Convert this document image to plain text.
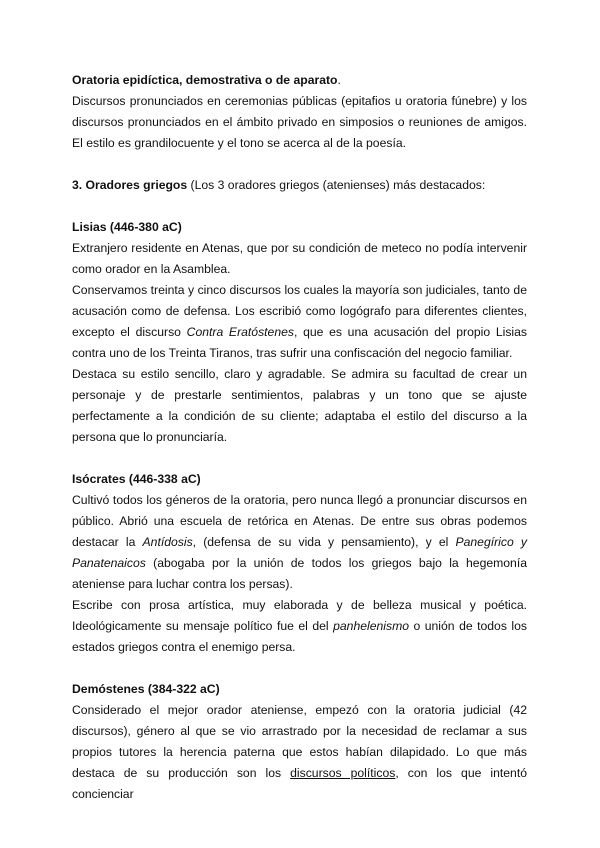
Oratoria epidíctica, demostrativa o de aparato.

Discursos pronunciados en ceremonias públicas (epitafios u oratoria fúnebre) y los discursos pronunciados en el ámbito privado en simposios o reuniones de amigos. El estilo es grandilocuente y el tono se acerca al de la poesía.

3. Oradores griegos (Los 3 oradores griegos (atenienses) más destacados:

Lisias (446-380 aC)

Extranjero residente en Atenas, que por su condición de meteco no podía intervenir como orador en la Asamblea.

Conservamos treinta y cinco discursos los cuales la mayoría son judiciales, tanto de acusación como de defensa. Los escribió como logógrafo para diferentes clientes, excepto el discurso Contra Eratóstenes, que es una acusación del propio Lisias contra uno de los Treinta Tiranos, tras sufrir una confiscación del negocio familiar.

Destaca su estilo sencillo, claro y agradable. Se admira su facultad de crear un personaje y de prestarle sentimientos, palabras y un tono que se ajuste perfectamente a la condición de su cliente; adaptaba el estilo del discurso a la persona que lo pronunciaría.

Isócrates (446-338 aC)

Cultivó todos los géneros de la oratoria, pero nunca llegó a pronunciar discursos en público. Abrió una escuela de retórica en Atenas. De entre sus obras podemos destacar la Antídosis, (defensa de su vida y pensamiento), y el Panegírico y Panatenaicos (abogaba por la unión de todos los griegos bajo la hegemonía ateniense para luchar contra los persas).

Escribe con prosa artística, muy elaborada y de belleza musical y poética. Ideológicamente su mensaje político fue el del panhelenismo o unión de todos los estados griegos contra el enemigo persa.

Demóstenes (384-322 aC)

Considerado el mejor orador ateniense, empezó con la oratoria judicial (42 discursos), género al que se vio arrastrado por la necesidad de reclamar a sus propios tutores la herencia paterna que estos habían dilapidado. Lo que más destaca de su producción son los discursos políticos, con los que intentó concienciar
